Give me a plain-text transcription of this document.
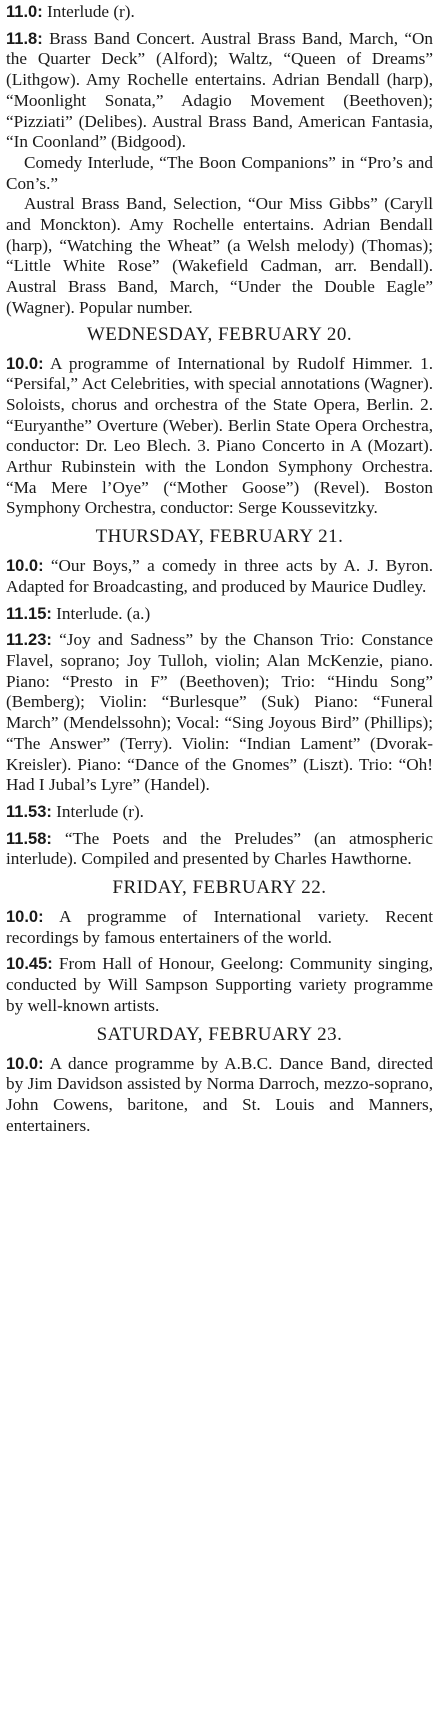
11.0: Interlude (r).
11.8: Brass Band Concert. Austral Brass Band, March, “On the Quarter Deck” (Alford); Waltz, “Queen of Dreams” (Lithgow). Amy Rochelle entertains. Adrian Bendall (harp), “Moonlight Sonata,” Adagio Movement (Beethoven); “Pizziati” (Delibes). Austral Brass Band, American Fantasia, “In Coonland” (Bidgood).

Comedy Interlude, “The Boon Companions” in “Pro’s and Con’s.”

Austral Brass Band, Selection, “Our Miss Gibbs” (Caryll and Monckton). Amy Rochelle entertains. Adrian Bendall (harp), “Watching the Wheat” (a Welsh melody) (Thomas); “Little White Rose” (Wakefield Cadman, arr. Bendall). Austral Brass Band, March, “Under the Double Eagle” (Wagner). Popular number.

WEDNESDAY, FEBRUARY 20.
10.0: A programme of International by Rudolf Himmer. 1. “Persifal,” Act Celebrities, with special annotations (Wagner). Soloists, chorus and orchestra of the State Opera, Berlin. 2. “Euryanthe” Overture (Weber). Berlin State Opera Orchestra, conductor: Dr. Leo Blech. 3. Piano Concerto in A (Mozart). Arthur Rubinstein with the London Symphony Orchestra. “Ma Mere l’Oye” (“Mother Goose”) (Revel). Boston Symphony Orchestra, conductor: Serge Koussevitzky.
THURSDAY, FEBRUARY 21.
10.0: “Our Boys,” a comedy in three acts by A. J. Byron. Adapted for Broadcasting, and produced by Maurice Dudley.
11.15: Interlude. (a.)
11.23: “Joy and Sadness” by the Chanson Trio: Constance Flavel, soprano; Joy Tulloh, violin; Alan McKenzie, piano. Piano: “Presto in F” (Beethoven); Trio: “Hindu Song” (Bemberg); Violin: “Burlesque” (Suk) Piano: “Funeral March” (Mendelssohn); Vocal: “Sing Joyous Bird” (Phillips); “The Answer” (Terry). Violin: “Indian Lament” (Dvorak-Kreisler). Piano: “Dance of the Gnomes” (Liszt). Trio: “Oh! Had I Jubal’s Lyre” (Handel).
11.53: Interlude (r).
11.58: “The Poets and the Preludes” (an atmospheric interlude). Compiled and presented by Charles Hawthorne.
FRIDAY, FEBRUARY 22.
10.0: A programme of International variety. Recent recordings by famous entertainers of the world.
10.45: From Hall of Honour, Geelong: Community singing, conducted by Will Sampson Supporting variety programme by well-known artists.
SATURDAY, FEBRUARY 23.
10.0: A dance programme by A.B.C. Dance Band, directed by Jim Davidson assisted by Norma Darroch, mezzo-soprano, John Cowens, baritone, and St. Louis and Manners, entertainers.
